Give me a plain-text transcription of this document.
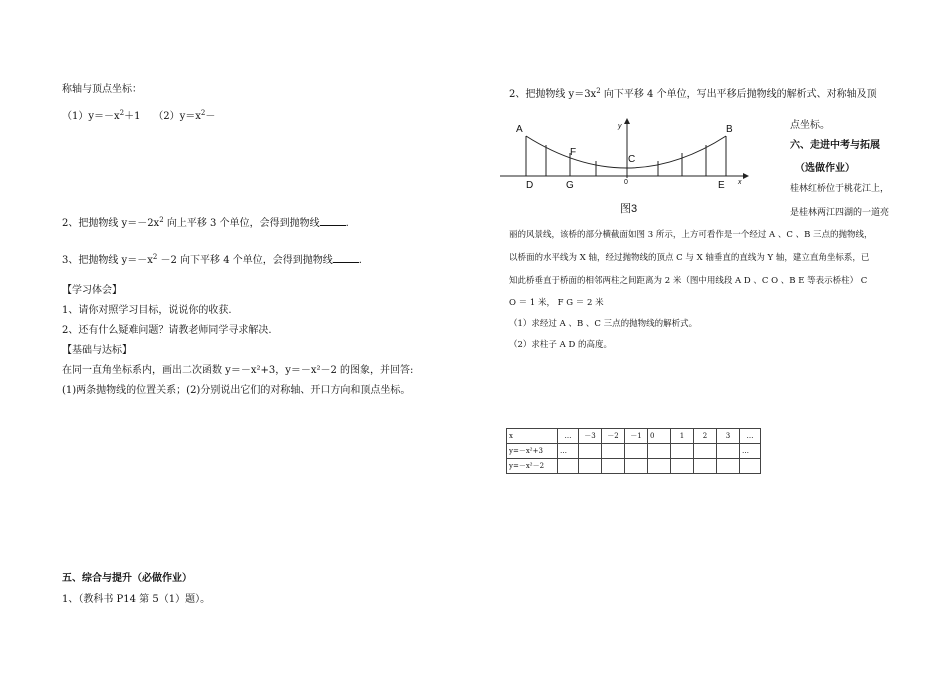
称轴与顶点坐标：
$(1)y=-x^2+1$ $(2)y=x^2-$
2、把抛物线 $y=-2x^2$ 向上平移 3 个单位，会得到抛物线	.
3、把抛物线 $y=-x^2 -2$ 向下平移 4 个单位，会得到抛物线	.
【学习体会】
1、请你对照学习目标，说说你的收获.
2、还有什么疑难问题？请教老师同学寻求解决.
【基础与达标】
在同一直角坐标系内，画出二次函数 y＝－x²+3，y＝－x²－2 的图象，并回答:
(1)两条抛物线的位置关系；(2)分别说出它们的对称轴、开口方向和顶点坐标。
五、综合与提升（必做作业）
1、（教科书 P14 第 5（1）题）。
2、把抛物线 $y=3x^2$ 向下平移 4 个单位，写出平移后抛物线的解析式、对称轴及顶
点坐标。
六、走进中考与拓展
（选做作业）
桂林红桥位于桃花江上，
是桂林两江四湖的一道亮
丽的风景线，该桥的部分横截面如图 3 所示，上方可看作是一个经过 A 、C 、B 三点的抛物线，
以桥面的水平线为 X 轴，经过抛物线的顶点 C 与 X 轴垂直的直线为 Y 轴，建立直角坐标系，已
知此桥垂直于桥面的相邻两柱之间距离为 2 米（图中用线段 A D 、C O 、B E 等表示桥柱） C
O ＝ 1 米， F G ＝ 2 米
（1）求经过 A 、B 、C 三点的抛物线的解析式。
（2）求柱子 A D 的高度。
A	B
C
D	E
F
G	0	x
y
图3
x	…	－3	－2	－1	0	1	2	3	…
y=－x²+3	…								…
y=－x²－2									
